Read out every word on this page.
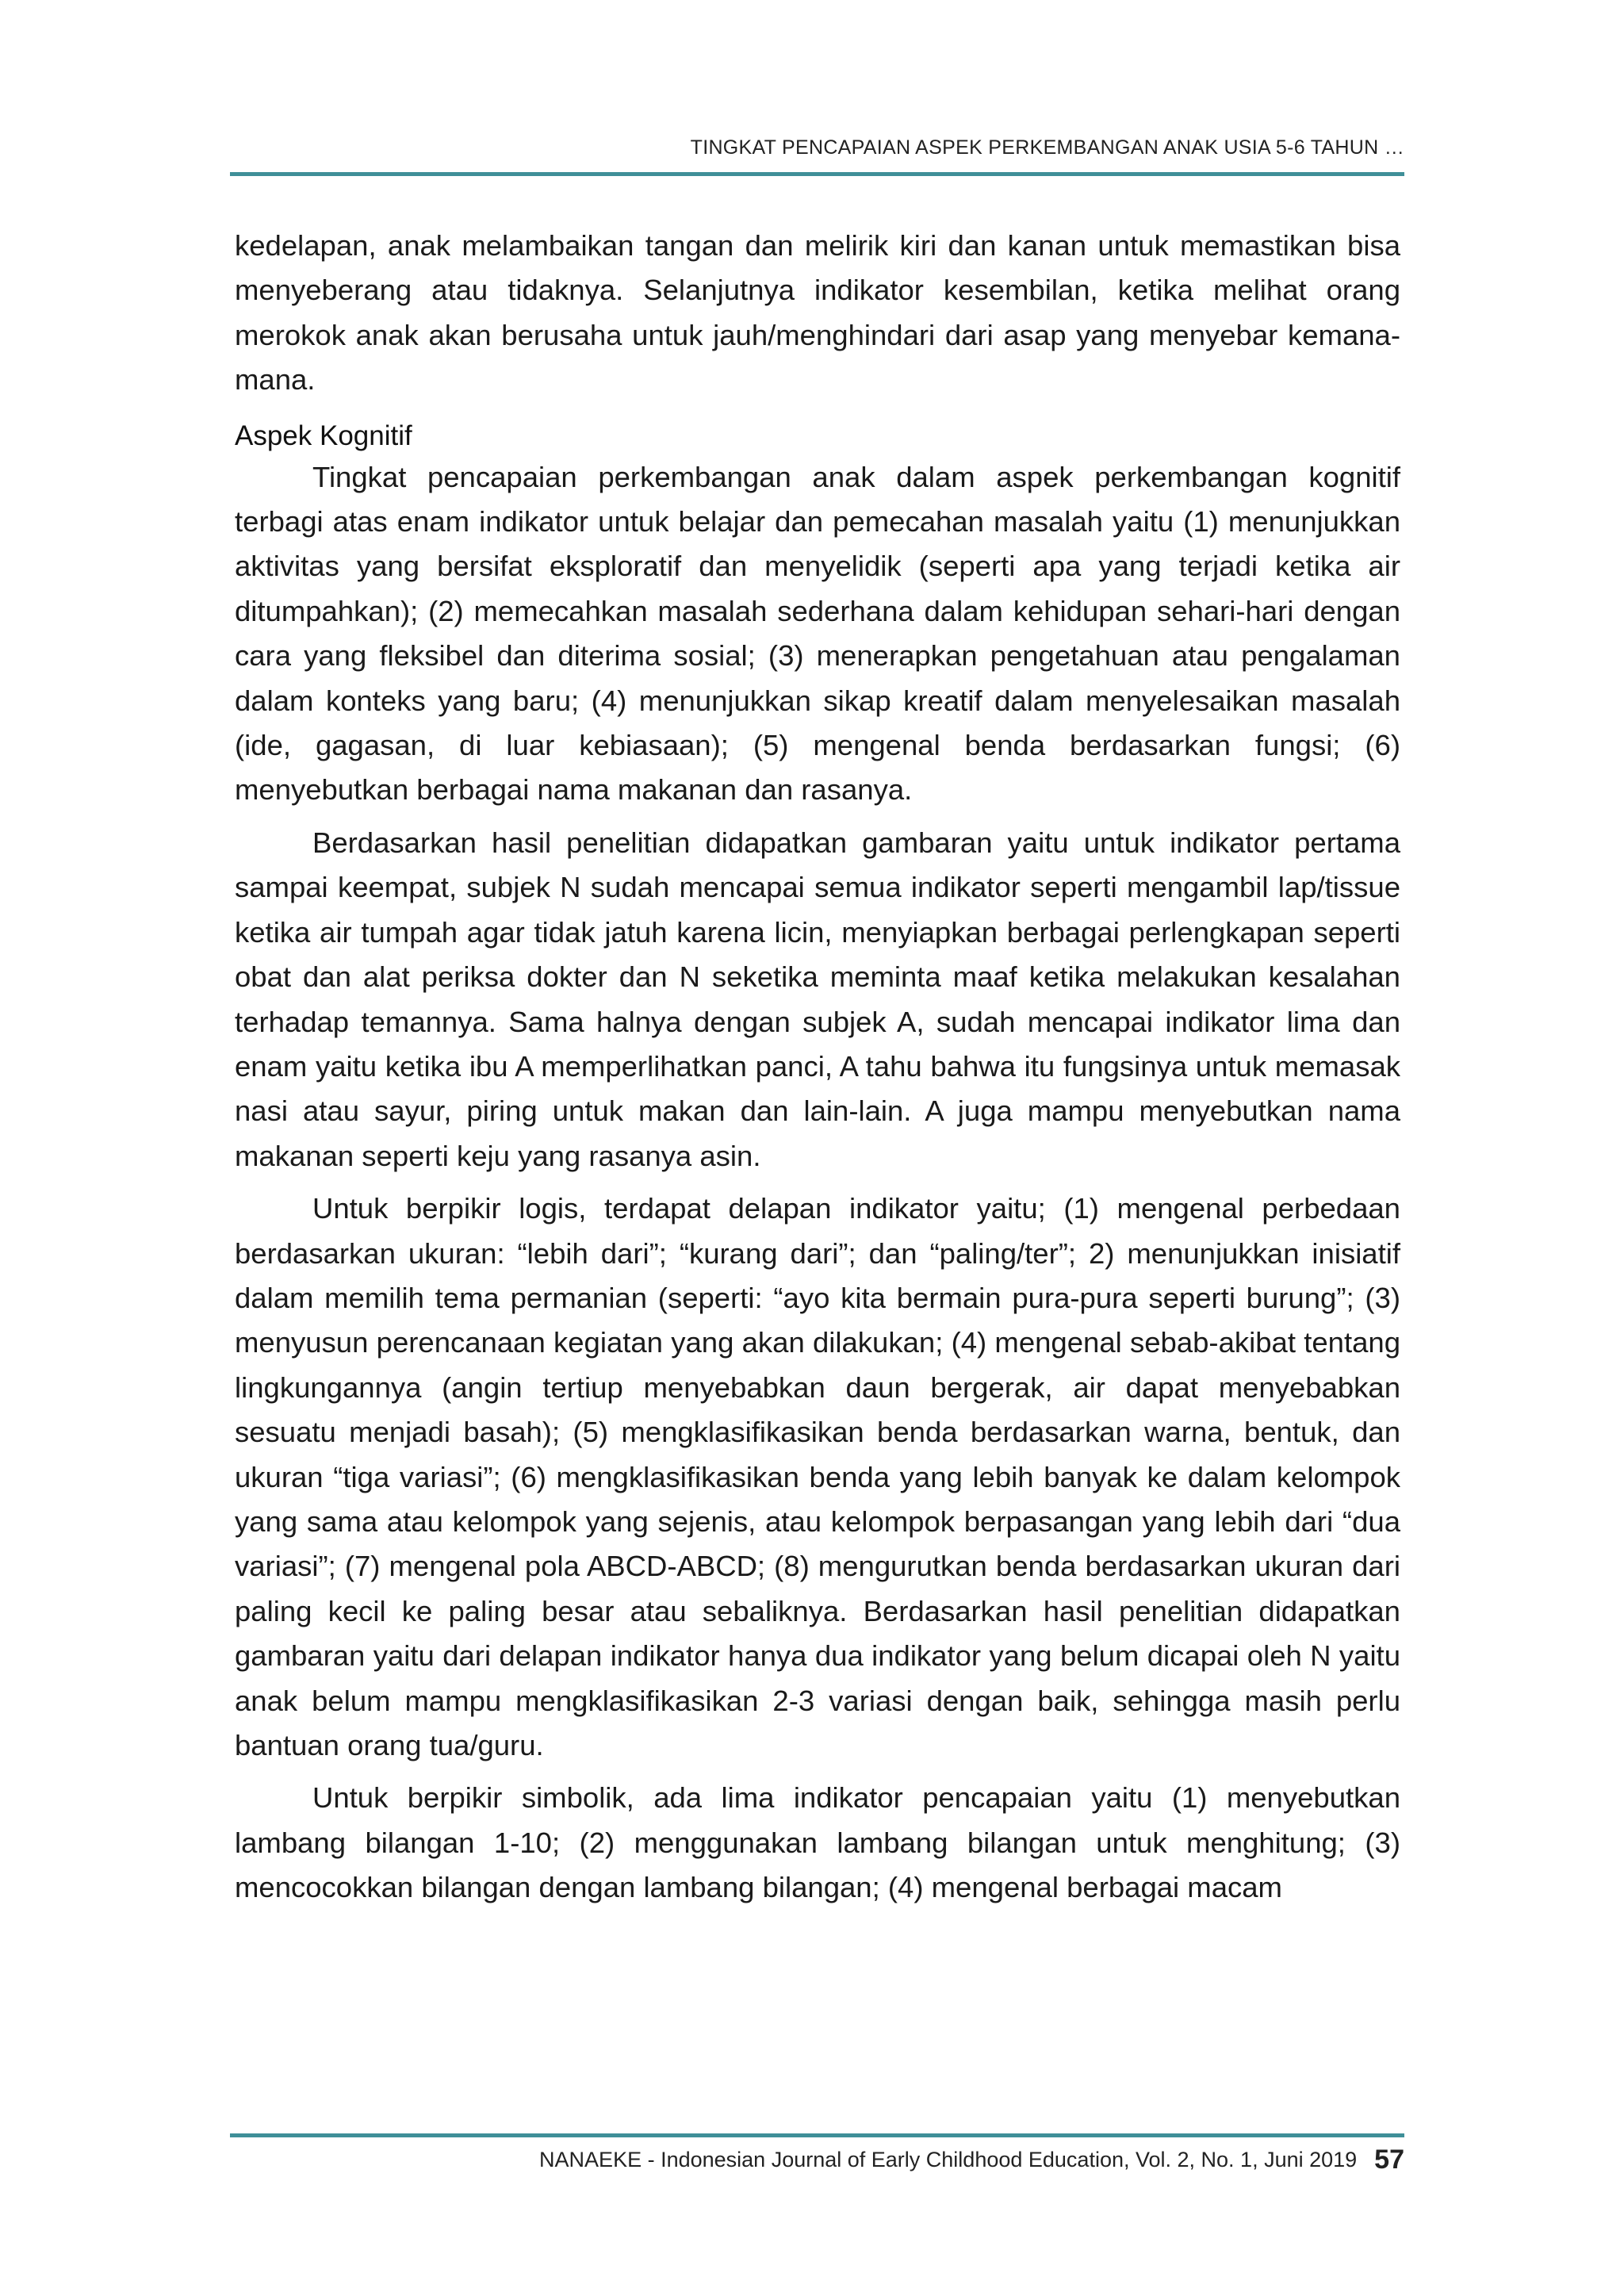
TINGKAT PENCAPAIAN ASPEK PERKEMBANGAN ANAK USIA 5-6 TAHUN …

kedelapan, anak melambaikan tangan dan melirik kiri dan kanan untuk memastikan bisa menyeberang atau tidaknya. Selanjutnya indikator kesembilan, ketika melihat orang merokok anak akan berusaha untuk jauh/menghindari dari asap yang menyebar kemana-mana.

Aspek Kognitif

Tingkat pencapaian perkembangan anak dalam aspek perkembangan kognitif terbagi atas enam indikator untuk belajar dan pemecahan masalah yaitu (1) menunjukkan aktivitas yang bersifat eksploratif dan menyelidik (seperti apa yang terjadi ketika air ditumpahkan); (2) memecahkan masalah sederhana dalam kehidupan sehari-hari dengan cara yang fleksibel dan diterima sosial; (3) menerapkan pengetahuan atau pengalaman dalam konteks yang baru; (4) menunjukkan sikap kreatif dalam menyelesaikan masalah (ide, gagasan, di luar kebiasaan); (5) mengenal benda berdasarkan fungsi; (6) menyebutkan berbagai nama makanan dan rasanya.

Berdasarkan hasil penelitian didapatkan gambaran yaitu untuk indikator pertama sampai keempat, subjek N sudah mencapai semua indikator seperti mengambil lap/tissue ketika air tumpah agar tidak jatuh karena licin, menyiapkan berbagai perlengkapan seperti obat dan alat periksa dokter dan N seketika meminta maaf ketika melakukan kesalahan terhadap temannya. Sama halnya dengan subjek A, sudah mencapai indikator lima dan enam yaitu ketika ibu A memperlihatkan panci, A tahu bahwa itu fungsinya untuk memasak nasi atau sayur, piring untuk makan dan lain-lain. A juga mampu menyebutkan nama makanan seperti keju yang rasanya asin.

Untuk berpikir logis, terdapat delapan indikator yaitu; (1) mengenal perbedaan berdasarkan ukuran: “lebih dari”; “kurang dari”; dan “paling/ter”; 2) menunjukkan inisiatif dalam memilih tema permanian (seperti: “ayo kita bermain pura-pura seperti burung”; (3) menyusun perencanaan kegiatan yang akan dilakukan; (4) mengenal sebab-akibat tentang lingkungannya (angin tertiup menyebabkan daun bergerak, air dapat menyebabkan sesuatu menjadi basah); (5) mengklasifikasikan benda berdasarkan warna, bentuk, dan ukuran “tiga variasi”; (6) mengklasifikasikan benda yang lebih banyak ke dalam kelompok yang sama atau kelompok yang sejenis, atau kelompok berpasangan yang lebih dari “dua variasi”; (7) mengenal pola ABCD-ABCD; (8) mengurutkan benda berdasarkan ukuran dari paling kecil ke paling besar atau sebaliknya. Berdasarkan hasil penelitian didapatkan gambaran yaitu dari delapan indikator hanya dua indikator yang belum dicapai oleh N yaitu anak belum mampu mengklasifikasikan 2-3 variasi dengan baik, sehingga masih perlu bantuan orang tua/guru.

Untuk berpikir simbolik, ada lima indikator pencapaian yaitu (1) menyebutkan lambang bilangan 1-10; (2) menggunakan lambang bilangan untuk menghitung; (3) mencocokkan bilangan dengan lambang bilangan; (4) mengenal berbagai macam

NANAEKE - Indonesian Journal of Early Childhood Education, Vol. 2, No. 1, Juni 2019 57
